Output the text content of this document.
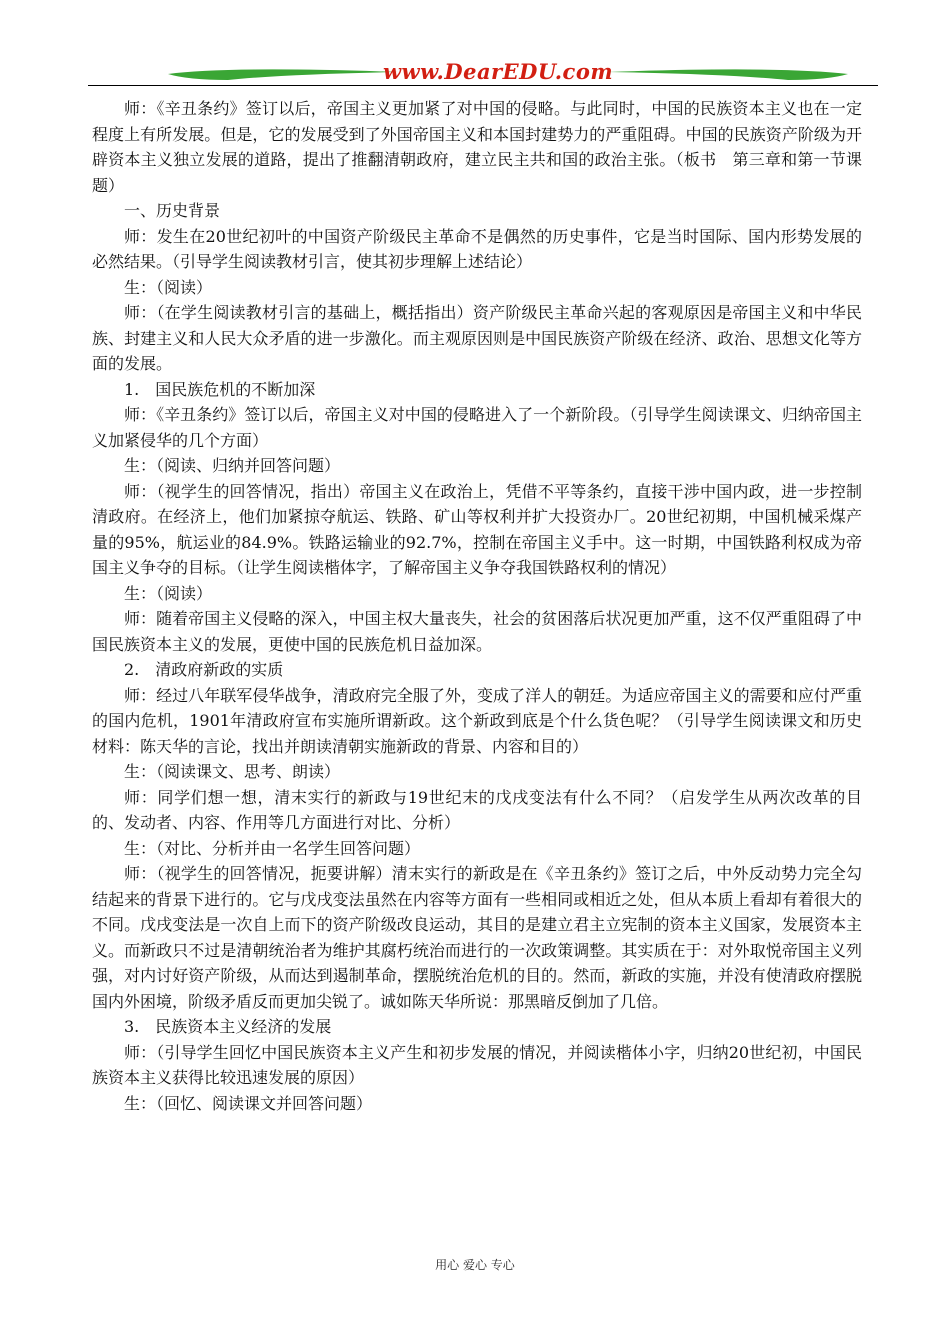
www.DearEDU.com

师：《辛丑条约》签订以后，帝国主义更加紧了对中国的侵略。与此同时，中国的民族资本主义也在一定程度上有所发展。但是，它的发展受到了外国帝国主义和本国封建势力的严重阻碍。中国的民族资产阶级为开辟资本主义独立发展的道路，提出了推翻清朝政府，建立民主共和国的政治主张。（板书　第三章和第一节课题）

一、历史背景

师：发生在20世纪初叶的中国资产阶级民主革命不是偶然的历史事件，它是当时国际、国内形势发展的必然结果。（引导学生阅读教材引言，使其初步理解上述结论）

生：（阅读）

师：（在学生阅读教材引言的基础上，概括指出）资产阶级民主革命兴起的客观原因是帝国主义和中华民族、封建主义和人民大众矛盾的进一步激化。而主观原因则是中国民族资产阶级在经济、政治、思想文化等方面的发展。

1.　国民族危机的不断加深

师：《辛丑条约》签订以后，帝国主义对中国的侵略进入了一个新阶段。（引导学生阅读课文、归纳帝国主义加紧侵华的几个方面）

生：（阅读、归纳并回答问题）

师：（视学生的回答情况，指出）帝国主义在政治上，凭借不平等条约，直接干涉中国内政，进一步控制清政府。在经济上，他们加紧掠夺航运、铁路、矿山等权利并扩大投资办厂。20世纪初期，中国机械采煤产量的95%，航运业的84.9%。铁路运输业的92.7%，控制在帝国主义手中。这一时期，中国铁路利权成为帝国主义争夺的目标。（让学生阅读楷体字，了解帝国主义争夺我国铁路权利的情况）

生：（阅读）

师：随着帝国主义侵略的深入，中国主权大量丧失，社会的贫困落后状况更加严重，这不仅严重阻碍了中国民族资本主义的发展，更使中国的民族危机日益加深。

2.　清政府新政的实质

师：经过八年联军侵华战争，清政府完全服了外，变成了洋人的朝廷。为适应帝国主义的需要和应付严重的国内危机，1901年清政府宣布实施所谓新政。这个新政到底是个什么货色呢？（引导学生阅读课文和历史材料：陈天华的言论，找出并朗读清朝实施新政的背景、内容和目的）

生：（阅读课文、思考、朗读）

师：同学们想一想，清末实行的新政与19世纪末的戊戌变法有什么不同？（启发学生从两次改革的目的、发动者、内容、作用等几方面进行对比、分析）

生：（对比、分析并由一名学生回答问题）

师：（视学生的回答情况，扼要讲解）清末实行的新政是在《辛丑条约》签订之后，中外反动势力完全勾结起来的背景下进行的。它与戊戌变法虽然在内容等方面有一些相同或相近之处，但从本质上看却有着很大的不同。戊戌变法是一次自上而下的资产阶级改良运动，其目的是建立君主立宪制的资本主义国家，发展资本主义。而新政只不过是清朝统治者为维护其腐朽统治而进行的一次政策调整。其实质在于：对外取悦帝国主义列强，对内讨好资产阶级，从而达到遏制革命，摆脱统治危机的目的。然而，新政的实施，并没有使清政府摆脱国内外困境，阶级矛盾反而更加尖锐了。诚如陈天华所说：那黑暗反倒加了几倍。

3.　民族资本主义经济的发展

师：（引导学生回忆中国民族资本主义产生和初步发展的情况，并阅读楷体小字，归纳20世纪初，中国民族资本主义获得比较迅速发展的原因）

生：（回忆、阅读课文并回答问题）

用心 爱心 专心
